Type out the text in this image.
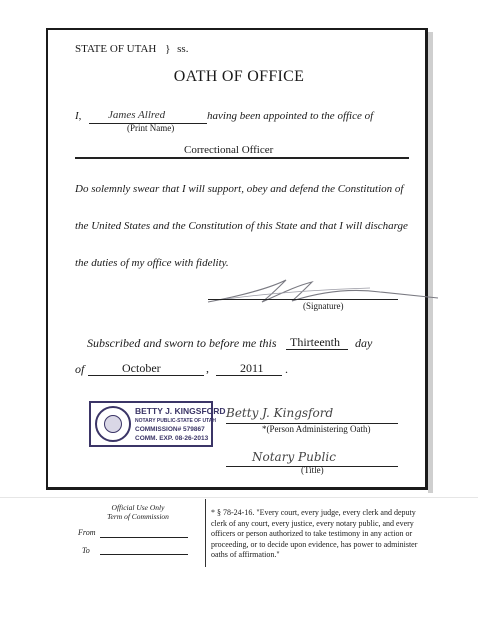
STATE OF UTAH } ss.
OATH OF OFFICE
I, James Allred	having been appointed to the office of
(Print Name)
Correctional Officer
Do solemnly swear that I will support, obey and defend the Constitution of
the United States and the Constitution of this State and that I will discharge
the duties of my office with fidelity.
(Signature)
Subscribed and sworn to before me this Thirteenth day
of	October	,	2011 .
BETTY J. KINGSFORD
NOTARY PUBLIC-STATE OF UTAH
COMMISSION# 579867
COMM. EXP. 08-26-2013
Betty J. Kingsford
*(Person Administering Oath)
Notary Public
(Title)
Official Use Only
Term of Commission
From
To
* § 78-24-16. "Every court, every judge, every clerk and deputy clerk of any court, every justice, every notary public, and every officers or person authorized to take testimony in any action or proceeding, or to decide upon evidence, has power to administer oaths of affirmation."
